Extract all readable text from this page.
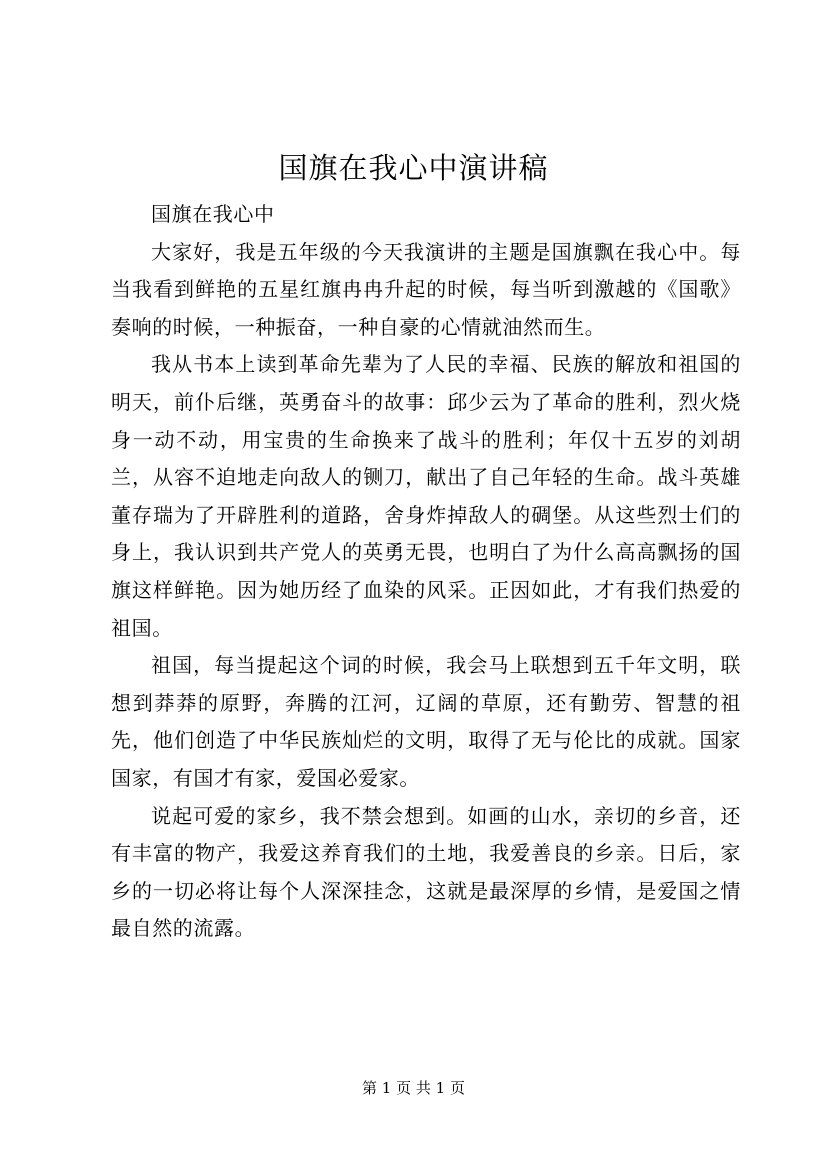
国旗在我心中演讲稿

国旗在我心中

大家好，我是五年级的今天我演讲的主题是国旗飘在我心中。每当我看到鲜艳的五星红旗冉冉升起的时候，每当听到激越的《国歌》奏响的时候，一种振奋，一种自豪的心情就油然而生。

我从书本上读到革命先辈为了人民的幸福、民族的解放和祖国的明天，前仆后继，英勇奋斗的故事：邱少云为了革命的胜利，烈火烧身一动不动，用宝贵的生命换来了战斗的胜利；年仅十五岁的刘胡兰，从容不迫地走向敌人的铡刀，献出了自己年轻的生命。战斗英雄董存瑞为了开辟胜利的道路，舍身炸掉敌人的碉堡。从这些烈士们的身上，我认识到共产党人的英勇无畏，也明白了为什么高高飘扬的国旗这样鲜艳。因为她历经了血染的风采。正因如此，才有我们热爱的祖国。

祖国，每当提起这个词的时候，我会马上联想到五千年文明，联想到莽莽的原野，奔腾的江河，辽阔的草原，还有勤劳、智慧的祖先，他们创造了中华民族灿烂的文明，取得了无与伦比的成就。国家国家，有国才有家，爱国必爱家。

说起可爱的家乡，我不禁会想到。如画的山水，亲切的乡音，还有丰富的物产，我爱这养育我们的土地，我爱善良的乡亲。日后，家乡的一切必将让每个人深深挂念，这就是最深厚的乡情，是爱国之情最自然的流露。

第 1 页 共 1 页
